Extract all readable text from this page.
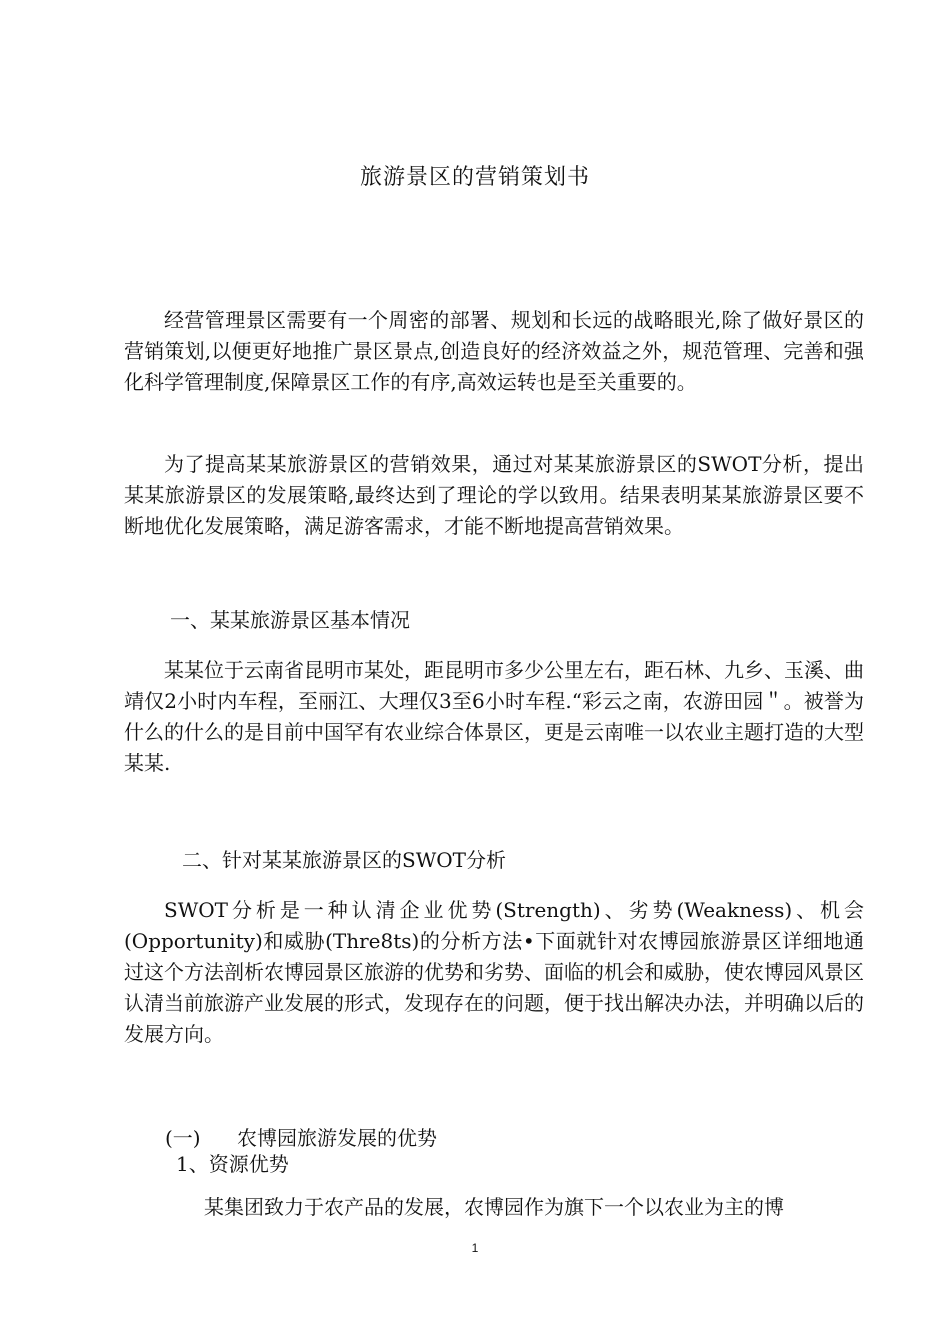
旅游景区的营销策划书

经营管理景区需要有一个周密的部署、规划和长远的战略眼光,除了做好景区的营销策划,以便更好地推广景区景点,创造良好的经济效益之外，规范管理、完善和强化科学管理制度,保障景区工作的有序,高效运转也是至关重要的。

为了提高某某旅游景区的营销效果，通过对某某旅游景区的SWOT分析，提出某某旅游景区的发展策略,最终达到了理论的学以致用。结果表明某某旅游景区要不断地优化发展策略，满足游客需求，才能不断地提高营销效果。

一、某某旅游景区基本情况

某某位于云南省昆明市某处，距昆明市多少公里左右，距石林、九乡、玉溪、曲靖仅2小时内车程，至丽江、大理仅3至6小时车程.“彩云之南，农游田园＂。被誉为什么的什么的是目前中国罕有农业综合体景区，更是云南唯一以农业主题打造的大型某某.

二、针对某某旅游景区的SWOT分析

SWOT分析是一种认清企业优势(Strength)、劣势(Weakness)、机会(Opportunity)和威胁(Thre8ts)的分析方法•下面就针对农博园旅游景区详细地通过这个方法剖析农博园景区旅游的优势和劣势、面临的机会和威胁，使农博园风景区认清当前旅游产业发展的形式，发现存在的问题，便于找出解决办法，并明确以后的发展方向。

(一) 农博园旅游发展的优势
1、资源优势

某集团致力于农产品的发展，农博园作为旗下一个以农业为主的博

1
